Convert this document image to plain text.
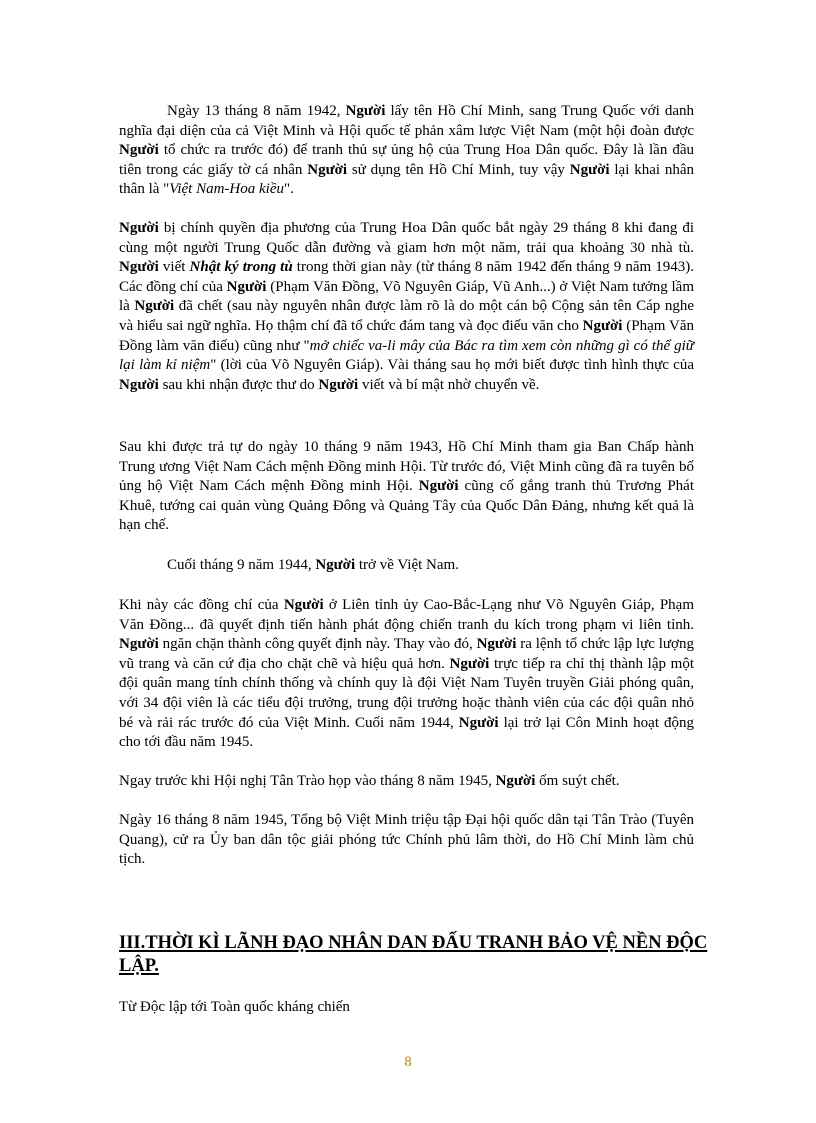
Ngày 13 tháng 8 năm 1942, Người lấy tên Hồ Chí Minh, sang Trung Quốc với danh nghĩa đại diện của cả Việt Minh và Hội quốc tế phản xâm lược Việt Nam (một hội đoàn được Người tổ chức ra trước đó) để tranh thủ sự ủng hộ của Trung Hoa Dân quốc. Đây là lần đầu tiên trong các giấy tờ cá nhân Người sử dụng tên Hồ Chí Minh, tuy vậy Người lại khai nhân thân là "Việt Nam-Hoa kiều".

Người bị chính quyền địa phương của Trung Hoa Dân quốc bắt ngày 29 tháng 8 khi đang đi cùng một người Trung Quốc dẫn đường và giam hơn một năm, trải qua khoảng 30 nhà tù. Người viết Nhật ký trong tù trong thời gian này (từ tháng 8 năm 1942 đến tháng 9 năm 1943). Các đồng chí của Người (Phạm Văn Đồng, Võ Nguyên Giáp, Vũ Anh...) ở Việt Nam tưởng lầm là Người đã chết (sau này nguyên nhân được làm rõ là do một cán bộ Cộng sản tên Cáp nghe và hiểu sai ngữ nghĩa. Họ thậm chí đã tổ chức đám tang và đọc điếu văn cho Người (Phạm Văn Đồng làm văn điếu) cũng như "mở chiếc va-li mây của Bác ra tìm xem còn những gì có thể giữ lại làm kỉ niệm" (lời của Võ Nguyên Giáp). Vài tháng sau họ mới biết được tình hình thực của Người sau khi nhận được thư do Người viết và bí mật nhờ chuyển về.

Sau khi được trả tự do ngày 10 tháng 9 năm 1943, Hồ Chí Minh tham gia Ban Chấp hành Trung ương Việt Nam Cách mệnh Đồng minh Hội. Từ trước đó, Việt Minh cũng đã ra tuyên bố ủng hộ Việt Nam Cách mệnh Đồng minh Hội. Người cũng cố gắng tranh thủ Trương Phát Khuê, tướng cai quản vùng Quảng Đông và Quảng Tây của Quốc Dân Đảng, nhưng kết quả là hạn chế.

Cuối tháng 9 năm 1944, Người trở về Việt Nam.

Khi này các đồng chí của Người ở Liên tỉnh ủy Cao-Bắc-Lạng như Võ Nguyên Giáp, Phạm Văn Đồng... đã quyết định tiến hành phát động chiến tranh du kích trong phạm vi liên tỉnh. Người ngăn chặn thành công quyết định này. Thay vào đó, Người ra lệnh tổ chức lập lực lượng vũ trang và căn cứ địa cho chặt chẽ và hiệu quả hơn. Người trực tiếp ra chỉ thị thành lập một đội quân mang tính chính thống và chính quy là đội Việt Nam Tuyên truyền Giải phóng quân, với 34 đội viên là các tiểu đội trưởng, trung đội trưởng hoặc thành viên của các đội quân nhỏ bé và rải rác trước đó của Việt Minh. Cuối năm 1944, Người lại trở lại Côn Minh hoạt động cho tới đầu năm 1945.

Ngay trước khi Hội nghị Tân Trào họp vào tháng 8 năm 1945, Người ốm suýt chết.

Ngày 16 tháng 8 năm 1945, Tổng bộ Việt Minh triệu tập Đại hội quốc dân tại Tân Trào (Tuyên Quang), cử ra Ủy ban dân tộc giải phóng tức Chính phủ lâm thời, do Hồ Chí Minh làm chủ tịch.

III.THỜI KÌ LÃNH ĐẠO NHÂN DAN ĐẤU TRANH BẢO VỆ NỀN ĐỘC LẬP.
Từ Độc lập tới Toàn quốc kháng chiến
8
